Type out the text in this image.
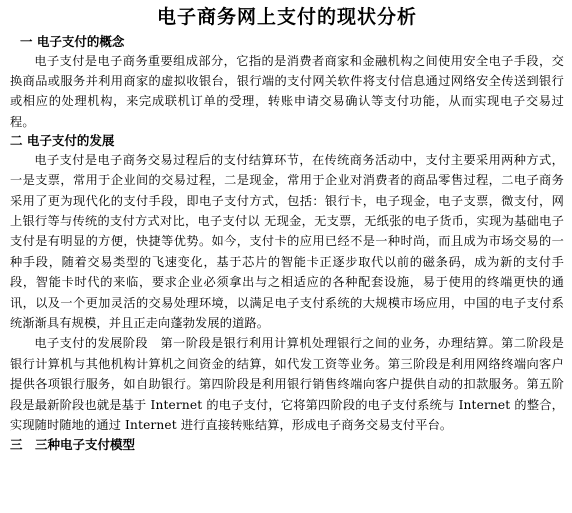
电子商务网上支付的现状分析
一 电子支付的概念

电子支付是电子商务重要组成部分，它指的是消费者商家和金融机构之间使用安全电子手段，交换商品或服务并利用商家的虚拟收银台，银行端的支付网关软件将支付信息通过网络安全传送到银行或相应的处理机构，来完成联机订单的受理，转账申请交易确认等支付功能，从而实现电子交易过程。

二 电子支付的发展

电子支付是电子商务交易过程后的支付结算环节，在传统商务活动中，支付主要采用两种方式，一是支票，常用于企业间的交易过程，二是现金，常用于企业对消费者的商品零售过程，二电子商务采用了更为现代化的支付手段，即电子支付方式，包括：银行卡，电子现金，电子支票，微支付，网上银行等与传统的支付方式对比，电子支付以 无现金，无支票，无纸张的电子货币，实现为基础电子支付是有明显的方便，快捷等优势。如今，支付卡的应用已经不是一种时尚，而且成为市场交易的一种手段，随着交易类型的飞速变化，基于芯片的智能卡正逐步取代以前的磁条码，成为新的支付手段，智能卡时代的来临，要求企业必须拿出与之相适应的各种配套设施，易于使用的终端更快的通讯，以及一个更加灵活的交易处理环境，以满足电子支付系统的大规模市场应用，中国的电子支付系统渐渐具有规模，并且正走向蓬勃发展的道路。

电子支付的发展阶段　第一阶段是银行利用计算机处理银行之间的业务，办理结算。第二阶段是银行计算机与其他机构计算机之间资金的结算，如代发工资等业务。第三阶段是利用网络终端向客户提供各项银行服务，如自助银行。第四阶段是利用银行销售终端向客户提供自动的扣款服务。第五阶段是最新阶段也就是基于 Internet 的电子支付，它将第四阶段的电子支付系统与 Internet 的整合，实现随时随地的通过 Internet 进行直接转账结算，形成电子商务交易支付平台。

三　三种电子支付模型
